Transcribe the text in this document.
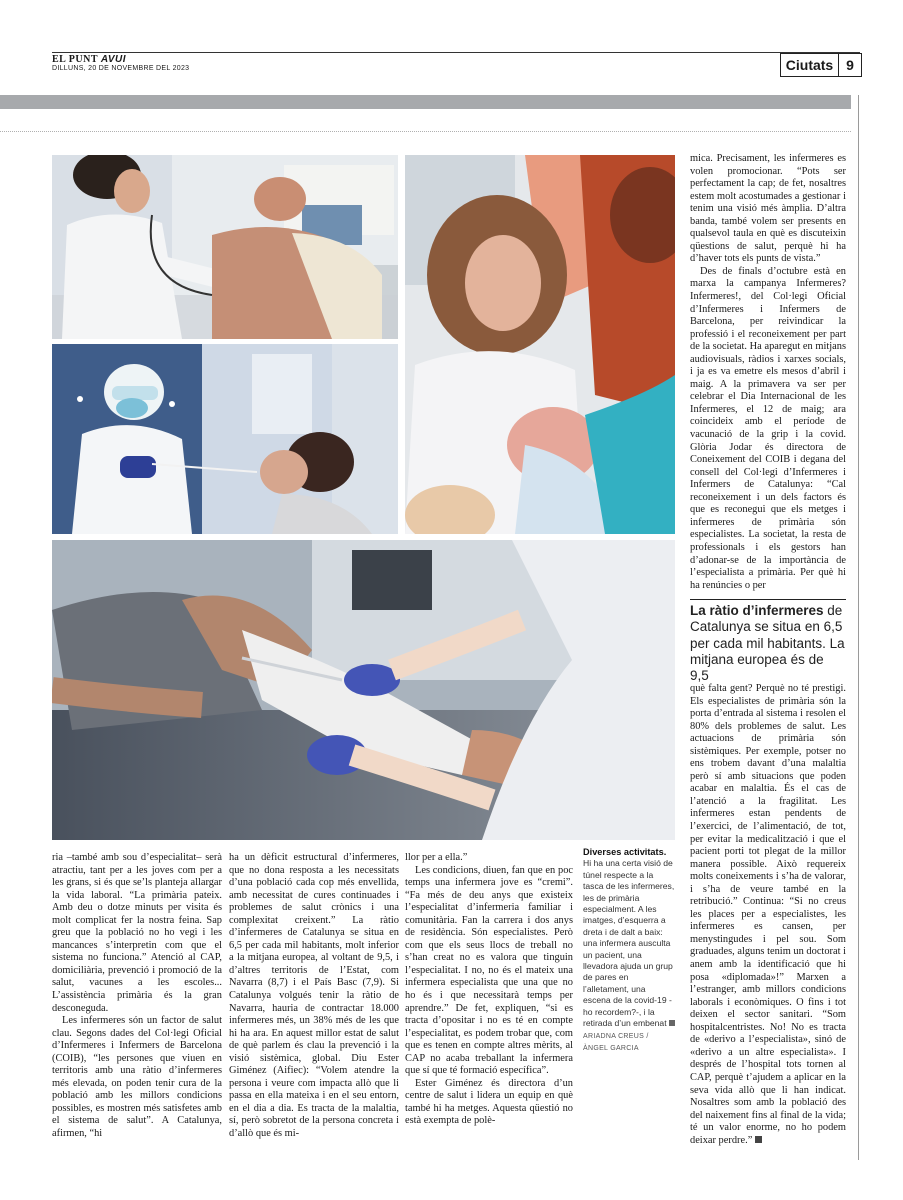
EL PUNT AVUI
DILLUNS, 20 DE NOVEMBRE DEL 2023	Ciutats 9

mica. Precisament, les infermeres es volen promocionar. “Pots ser perfectament la cap; de fet, nosaltres estem molt acostumades a gestionar i tenim una visió més àmplia. D’altra banda, també volem ser presents en qualsevol taula en què es discuteixin qüestions de salut, perquè hi ha d’haver tots els punts de vista.”

Des de finals d’octubre està en marxa la campanya Infermeres? Infermeres!, del Col·legi Oficial d’Infermeres i Infermers de Barcelona, per reivindicar la professió i el reconeixement per part de la societat. Ha aparegut en mitjans audiovisuals, ràdios i xarxes socials, i ja es va emetre els mesos d’abril i maig. A la primavera va ser per celebrar el Dia Internacional de les Infermeres, el 12 de maig; ara coincideix amb el període de vacunació de la grip i la covid. Glòria Jodar és directora de Coneixement del COIB i degana del consell del Col·legi d’Infermeres i Infermers de Catalunya: “Cal reconeixement i un dels factors és que es reconegui que els metges i infermeres de primària són especialistes. La societat, la resta de professionals i els gestors han d’adonar-se de la importància de l’especialista a primària. Per què hi ha renúncies o per

La ràtio d’infermeres de Catalunya se situa en 6,5 per cada mil habitants. La mitjana europea és de 9,5

què falta gent? Perquè no té prestigi. Els especialistes de primària són la porta d’entrada al sistema i resolen el 80% dels problemes de salut. Les actuacions de primària són sistèmiques. Per exemple, potser no ens trobem davant d’una malaltia però sí amb situacions que poden acabar en malaltia. És el cas de l’atenció a la fragilitat. Les infermeres estan pendents de l’exercici, de l’alimentació, de tot, per evitar la medicalització i que el pacient porti tot plegat de la millor manera possible. Això requereix molts coneixements i s’ha de valorar, i s’ha de veure també en la retribució.” Continua: “Si no creus les places per a especialistes, les infermeres es cansen, per menystingudes i pel sou. Som graduades, alguns tenim un doctorat i anem amb la identificació que hi posa «diplomada»!” Marxen a l’estranger, amb millors condicions laborals i econòmiques. O fins i tot deixen el sector sanitari. “Som hospitalcentristes. No! No es tracta de «derivo a l’especialista», sinó de «derivo a un altre especialista». I després de l’hospital tots tornen al CAP, perquè t’ajudem a aplicar en la seva vida allò que li han indicat. Nosaltres som amb la població des del naixement fins al final de la vida; té un valor enorme, no ho podem deixar perdre.”

ria –també amb sou d’especialitat– serà atractiu, tant per a les joves com per a les grans, si és que se’ls planteja allargar la vida laboral. “La primària pateix. Amb deu o dotze minuts per visita és molt complicat fer la nostra feina. Sap greu que la població no ho vegi i les mancances s’interpretin com que el sistema no funciona.” Atenció al CAP, domiciliària, prevenció i promoció de la salut, vacunes a les escoles... L’assistència primària és la gran desconeguda.

Les infermeres són un factor de salut clau. Segons dades del Col·legi Oficial d’Infermeres i Infermers de Barcelona (COIB), “les persones que viuen en territoris amb una ràtio d’infermeres més elevada, on poden tenir cura de la població amb les millors condicions possibles, es mostren més satisfetes amb el sistema de salut”. A Catalunya, afirmen, “hi

ha un dèficit estructural d’infermeres, que no dona resposta a les necessitats d’una població cada cop més envellida, amb necessitat de cures continuades i problemes de salut crònics i una complexitat creixent.” La ràtio d’infermeres de Catalunya se situa en 6,5 per cada mil habitants, molt inferior a la mitjana europea, al voltant de 9,5, i d’altres territoris de l’Estat, com Navarra (8,7) i el País Basc (7,9). Si Catalunya volgués tenir la ràtio de Navarra, hauria de contractar 18.000 infermeres més, un 38% més de les que hi ha ara. En aquest millor estat de salut de què parlem és clau la prevenció i la visió sistèmica, global. Diu Ester Giménez (Aifiec): “Volem atendre la persona i veure com impacta allò que li passa en ella mateixa i en el seu entorn, en el dia a dia. Es tracta de la malaltia, sí, però sobretot de la persona concreta i d’allò que és mi-

llor per a ella.”

Les condicions, diuen, fan que en poc temps una infermera jove es “cremi”. “Fa més de deu anys que existeix l’especialitat d’infermeria familiar i comunitària. Fan la carrera i dos anys de residència. Són especialistes. Però com que els seus llocs de treball no s’han creat no es valora que tinguin l’especialitat. I no, no és el mateix una infermera especialista que una que no ho és i que necessitarà temps per aprendre.” De fet, expliquen, “si es tracta d’opositar i no es té en compte l’especialitat, es podem trobar que, com que es tenen en compte altres mèrits, al CAP no acaba treballant la infermera que sí que té formació específica”.

Ester Giménez és directora d’un centre de salut i lidera un equip en què també hi ha metges. Aquesta qüestió no està exempta de polè-

Diverses activitats. Hi ha una certa visió de túnel respecte a la tasca de les infermeres, les de primària especialment. A les imatges, d’esquerra a dreta i de dalt a baix: una infermera ausculta un pacient, una llevadora ajuda un grup de pares en l’alletament, una escena de la covid-19 -ho recordem?-, i la retirada d’un embenat ARIADNA CREUS / ÀNGEL GARCIA
